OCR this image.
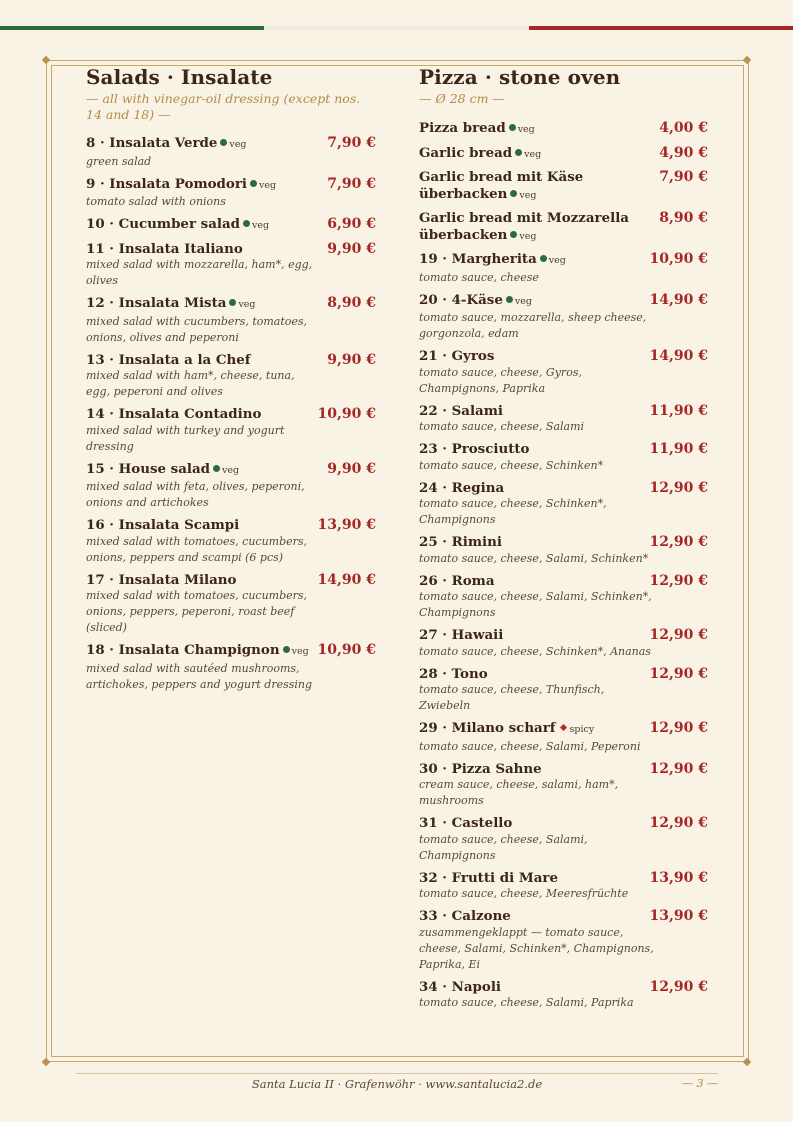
Salads · Insalate
— all with vinegar-oil dressing (except nos. 14 and 18) —
8 · Insalata Verde veg	7,90 €
green salad
9 · Insalata Pomodori veg	7,90 €
tomato salad with onions
10 · Cucumber salad veg	6,90 €
11 · Insalata Italiano	9,90 €
mixed salad with mozzarella, ham*, egg, olives
12 · Insalata Mista veg	8,90 €
mixed salad with cucumbers, tomatoes, onions, olives and peperoni
13 · Insalata a la Chef	9,90 €
mixed salad with ham*, cheese, tuna, egg, peperoni and olives
14 · Insalata Contadino	10,90 €
mixed salad with turkey and yogurt dressing
15 · House salad veg	9,90 €
mixed salad with feta, olives, peperoni, onions and artichokes
16 · Insalata Scampi	13,90 €
mixed salad with tomatoes, cucumbers, onions, peppers and scampi (6 pcs)
17 · Insalata Milano	14,90 €
mixed salad with tomatoes, cucumbers, onions, peppers, peperoni, roast beef (sliced)
18 · Insalata Champignon veg 10,90 €
mixed salad with sautéed mushrooms, artichokes, peppers and yogurt dressing
Pizza · stone oven
— Ø 28 cm —
Pizza bread veg	4,00 €
Garlic bread veg	4,90 €
Garlic bread mit Käse überbacken veg
7,90 €
Garlic bread mit Mozzarella überbacken veg
8,90 €
19 · Margherita veg	10,90 €
tomato sauce, cheese
20 · 4-Käse veg	14,90 €
tomato sauce, mozzarella, sheep cheese, gorgonzola, edam
21 · Gyros	14,90 €
tomato sauce, cheese, Gyros, Champignons, Paprika
22 · Salami	11,90 €
tomato sauce, cheese, Salami
23 · Prosciutto	11,90 €
tomato sauce, cheese, Schinken*
24 · Regina	12,90 €
tomato sauce, cheese, Schinken*, Champignons
25 · Rimini	12,90 €
tomato sauce, cheese, Salami, Schinken*
26 · Roma	12,90 €
tomato sauce, cheese, Salami, Schinken*, Champignons
27 · Hawaii	12,90 €
tomato sauce, cheese, Schinken*, Ananas
28 · Tono	12,90 €
tomato sauce, cheese, Thunfisch, Zwiebeln
29 · Milano scharf spicy	12,90 €
tomato sauce, cheese, Salami, Peperoni
30 · Pizza Sahne	12,90 €
cream sauce, cheese, salami, ham*, mushrooms
31 · Castello	12,90 €
tomato sauce, cheese, Salami, Champignons
32 · Frutti di Mare	13,90 €
tomato sauce, cheese, Meeresfrüchte
33 · Calzone	13,90 €
zusammengeklappt — tomato sauce, cheese, Salami, Schinken*, Champignons, Paprika, Ei
34 · Napoli	12,90 €
tomato sauce, cheese, Salami, Paprika
Santa Lucia II · Grafenwöhr · www.santalucia2.de	— 3 —
